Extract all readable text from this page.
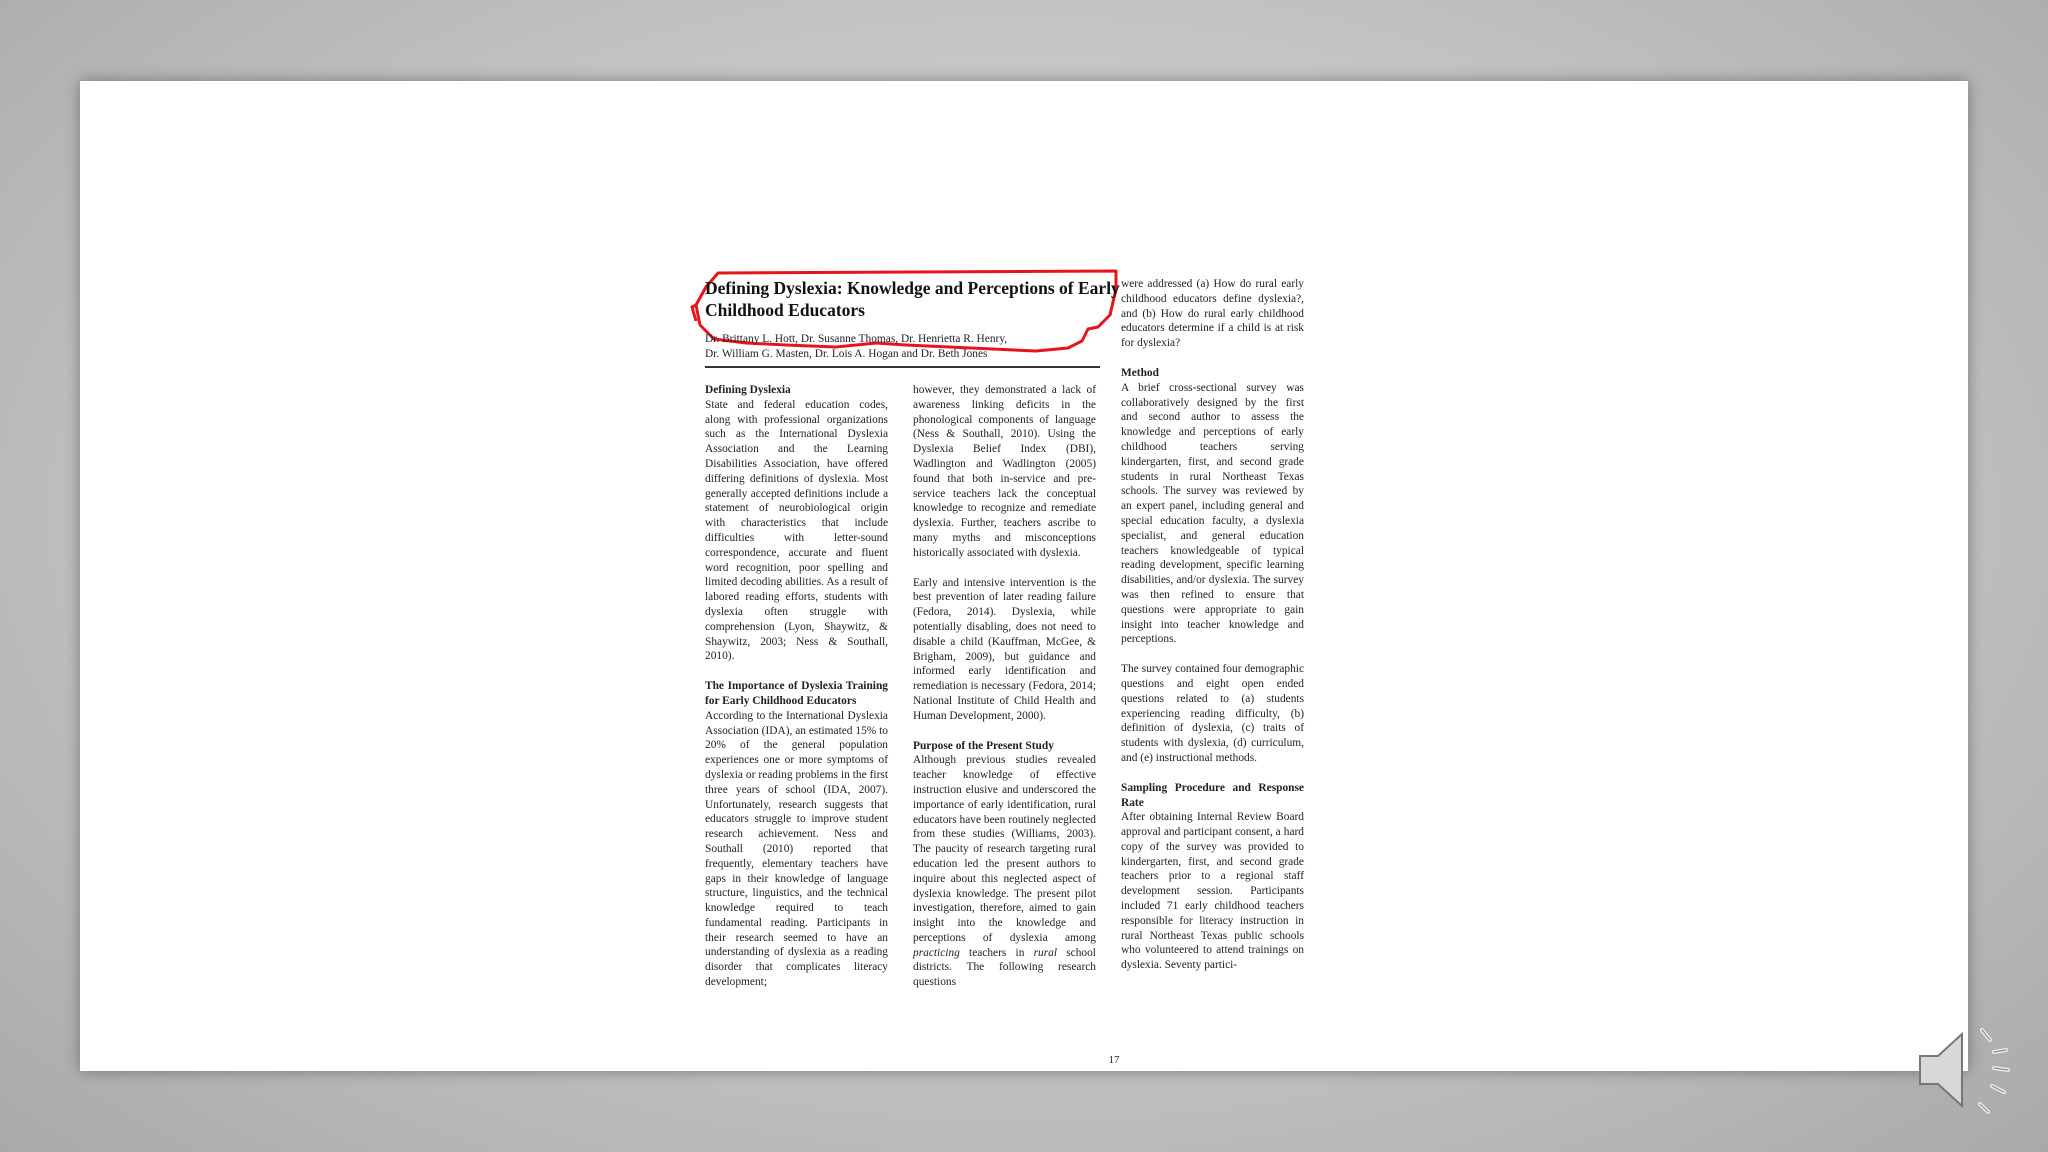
Defining Dyslexia: Knowledge and Perceptions of Early Childhood Educators
Dr. Brittany L. Hott, Dr. Susanne Thomas, Dr. Henrietta R. Henry,
Dr. William G. Masten, Dr. Lois A. Hogan and Dr. Beth Jones
Defining Dyslexia

State and federal education codes, along with professional organizations such as the International Dyslexia Association and the Learning Disabilities Association, have offered differing definitions of dyslexia. Most generally accepted definitions include a statement of neurobiological origin with characteristics that include difficulties with letter-sound correspondence, accurate and fluent word recognition, poor spelling and limited decoding abilities. As a result of labored reading efforts, students with dyslexia often struggle with comprehension (Lyon, Shaywitz, & Shaywitz, 2003; Ness & Southall, 2010).

The Importance of Dyslexia Training for Early Childhood Educators

According to the International Dyslexia Association (IDA), an estimated 15% to 20% of the general population experiences one or more symptoms of dyslexia or reading problems in the first three years of school (IDA, 2007). Unfortunately, research suggests that educators struggle to improve student research achievement. Ness and Southall (2010) reported that frequently, elementary teachers have gaps in their knowledge of language structure, linguistics, and the technical knowledge required to teach fundamental reading. Participants in their research seemed to have an understanding of dyslexia as a reading disorder that complicates literacy development;

however, they demonstrated a lack of awareness linking deficits in the phonological components of language (Ness & Southall, 2010). Using the Dyslexia Belief Index (DBI), Wadlington and Wadlington (2005) found that both in-service and pre-service teachers lack the conceptual knowledge to recognize and remediate dyslexia. Further, teachers ascribe to many myths and misconceptions historically associated with dyslexia.

Early and intensive intervention is the best prevention of later reading failure (Fedora, 2014). Dyslexia, while potentially disabling, does not need to disable a child (Kauffman, McGee, & Brigham, 2009), but guidance and informed early identification and remediation is necessary (Fedora, 2014; National Institute of Child Health and Human Development, 2000).

Purpose of the Present Study

Although previous studies revealed teacher knowledge of effective instruction elusive and underscored the importance of early identification, rural educators have been routinely neglected from these studies (Williams, 2003). The paucity of research targeting rural education led the present authors to inquire about this neglected aspect of dyslexia knowledge. The present pilot investigation, therefore, aimed to gain insight into the knowledge and perceptions of dyslexia among practicing teachers in rural school districts. The following research questions

were addressed (a) How do rural early childhood educators define dyslexia?, and (b) How do rural early childhood educators determine if a child is at risk for dyslexia?

Method

A brief cross-sectional survey was collaboratively designed by the first and second author to assess the knowledge and perceptions of early childhood teachers serving kindergarten, first, and second grade students in rural Northeast Texas schools. The survey was reviewed by an expert panel, including general and special education faculty, a dyslexia specialist, and general education teachers knowledgeable of typical reading development, specific learning disabilities, and/or dyslexia. The survey was then refined to ensure that questions were appropriate to gain insight into teacher knowledge and perceptions.

The survey contained four demographic questions and eight open ended questions related to (a) students experiencing reading difficulty, (b) definition of dyslexia, (c) traits of students with dyslexia, (d) curriculum, and (e) instructional methods.

Sampling Procedure and Response Rate

After obtaining Internal Review Board approval and participant consent, a hard copy of the survey was provided to kindergarten, first, and second grade teachers prior to a regional staff development session. Participants included 71 early childhood teachers responsible for literacy instruction in rural Northeast Texas public schools who volunteered to attend trainings on dyslexia. Seventy partici-

17
